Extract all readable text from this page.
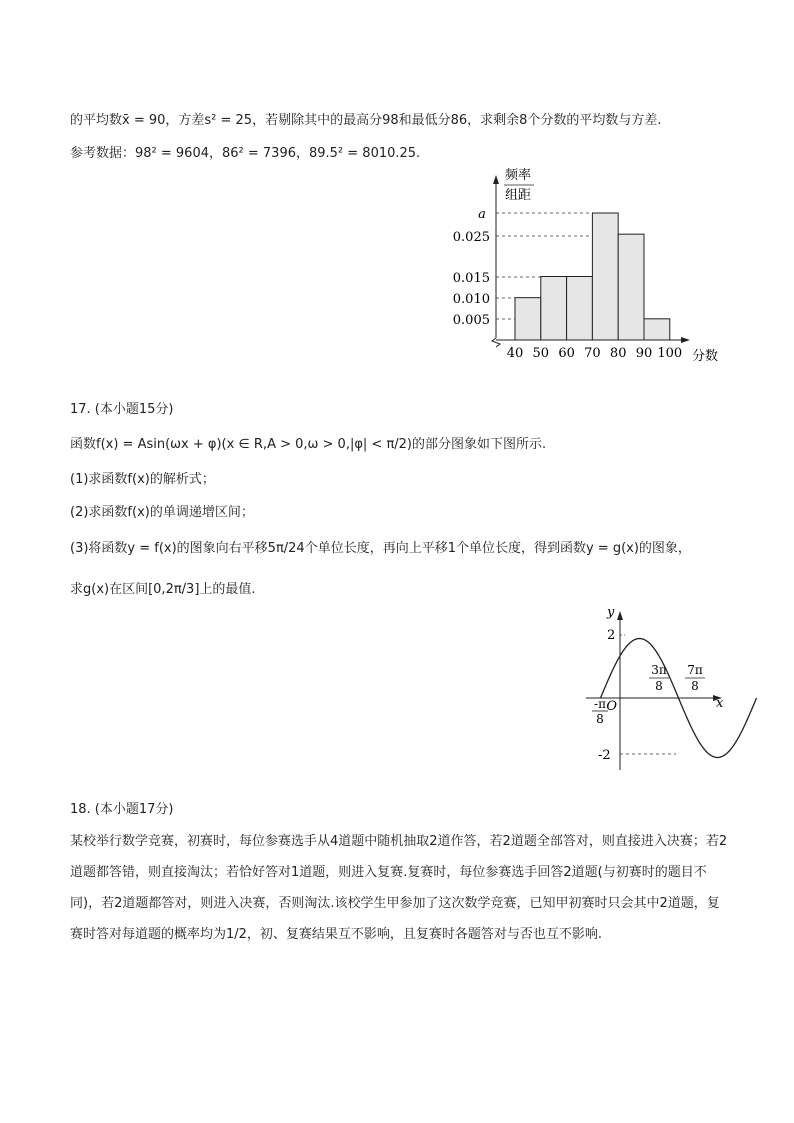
的平均数x̄ = 90，方差s² = 25，若剔除其中的最高分98和最低分86，求剩余8个分数的平均数与方差.
参考数据：98² = 9604，86² = 7396，89.5² = 8010.25.
频率
组距
a
0.025
0.015
0.010
0.005
40 50 60 70 80 90 100 分数
17. (本小题15分)
函数f(x) = Asin(ωx + φ)(x ∈ R,A > 0,ω > 0,|φ| < π/2)的部分图象如下图所示.
(1)求函数f(x)的解析式；
(2)求函数f(x)的单调递增区间；
(3)将函数y = f(x)的图象向右平移5π/24个单位长度，再向上平移1个单位长度，得到函数y = g(x)的图象，
求g(x)在区间[0,2π/3]上的最值.
y
x
O
2
-2
-π
8
3π
8
7π
8
18. (本小题17分)
某校举行数学竞赛，初赛时，每位参赛选手从4道题中随机抽取2道作答，若2道题全部答对，则直接进入决赛；若2道题都答错，则直接淘汰；若恰好答对1道题，则进入复赛.复赛时，每位参赛选手回答2道题(与初赛时的题目不同)，若2道题都答对，则进入决赛，否则淘汰.该校学生甲参加了这次数学竞赛，已知甲初赛时只会其中2道题，复赛时答对每道题的概率均为1/2，初、复赛结果互不影响，且复赛时各题答对与否也互不影响.
